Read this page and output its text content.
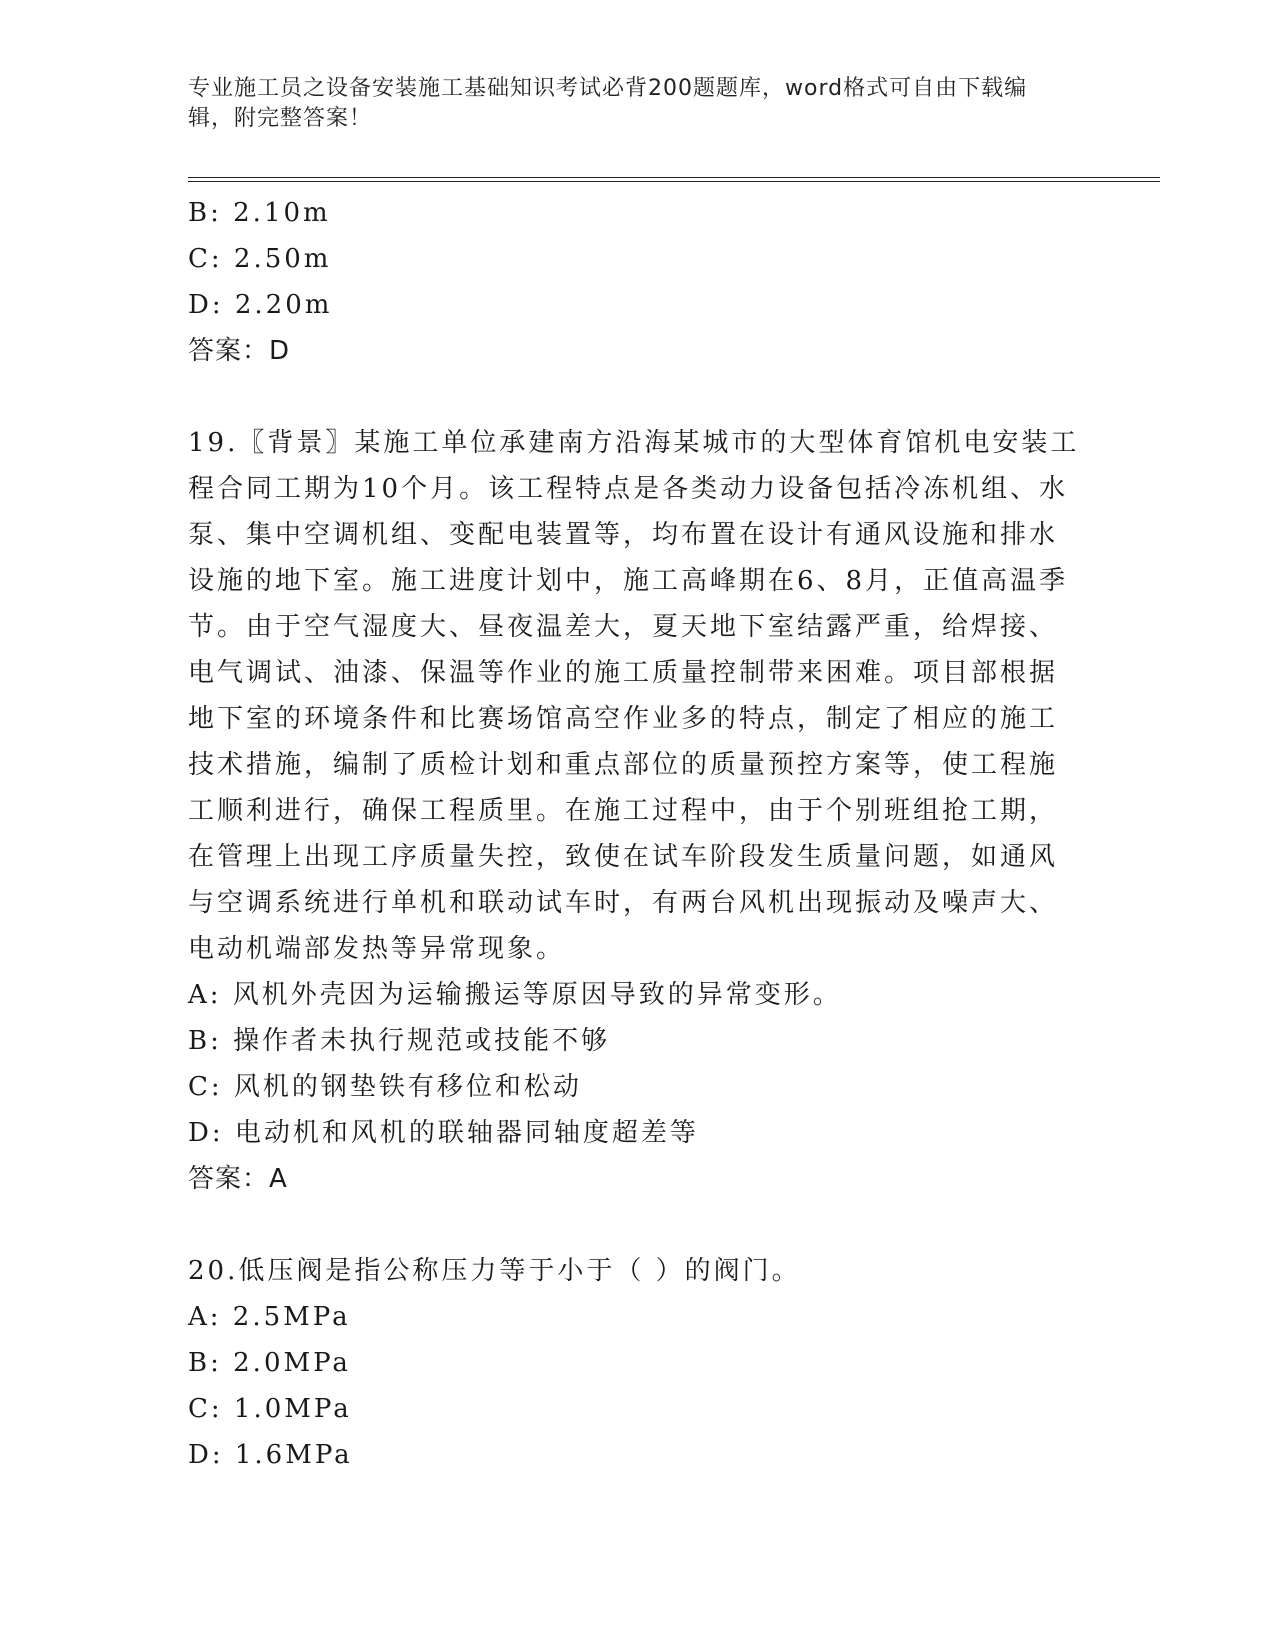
专业施工员之设备安装施工基础知识考试必背200题题库，word格式可自由下载编辑，附完整答案！
B: 2.10m
C: 2.50m
D: 2.20m
答案：D
19.〖背景〗某施工单位承建南方沿海某城市的大型体育馆机电安装工
程合同工期为10个月。该工程特点是各类动力设备包括冷冻机组、水
泵、集中空调机组、变配电装置等，均布置在设计有通风设施和排水
设施的地下室。施工进度计划中，施工高峰期在6、8月，正值高温季
节。由于空气湿度大、昼夜温差大，夏天地下室结露严重，给焊接、
电气调试、油漆、保温等作业的施工质量控制带来困难。项目部根据
地下室的环境条件和比赛场馆高空作业多的特点，制定了相应的施工
技术措施，编制了质检计划和重点部位的质量预控方案等，使工程施
工顺利进行，确保工程质里。在施工过程中，由于个别班组抢工期，
在管理上出现工序质量失控，致使在试车阶段发生质量问题，如通风
与空调系统进行单机和联动试车时，有两台风机出现振动及噪声大、
电动机端部发热等异常现象。
A: 风机外壳因为运输搬运等原因导致的异常变形。
B: 操作者未执行规范或技能不够
C: 风机的钢垫铁有移位和松动
D: 电动机和风机的联轴器同轴度超差等
答案：A
20.低压阀是指公称压力等于小于（ ）的阀门。
A: 2.5MPa
B: 2.0MPa
C: 1.0MPa
D: 1.6MPa
